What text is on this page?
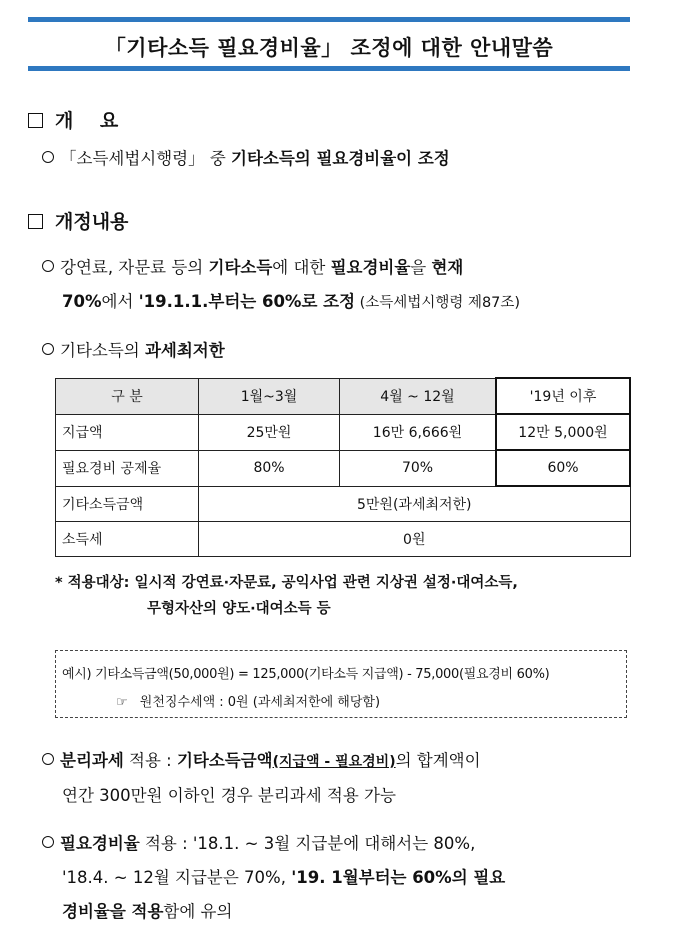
「기타소득 필요경비율」 조정에 대한 안내말씀
개    요
「소득세법시행령」 중 기타소득의 필요경비율이 조정
개정내용
강연료, 자문료 등의 기타소득에 대한 필요경비율을 현재
70%에서 '19.1.1.부터는 60%로 조정 (소득세법시행령 제87조)
기타소득의 과세최저한
구 분	1월~3월	4월 ~ 12월	'19년 이후
지급액	25만원	16만 6,666원	12만 5,000원
필요경비 공제율	80%	70%	60%
기타소득금액	5만원(과세최저한)		
소득세	0원		
* 적용대상: 일시적 강연료·자문료, 공익사업 관련 지상권 설정·대여소득,
무형자산의 양도·대여소득 등
예시) 기타소득금액(50,000원) = 125,000(기타소득 지급액) - 75,000(필요경비 60%)
☞ 원천징수세액 : 0원 (과세최저한에 해당함)
분리과세 적용 : 기타소득금액(지급액 - 필요경비)의 합계액이
연간 300만원 이하인 경우 분리과세 적용 가능
필요경비율 적용 : '18.1. ~ 3월 지급분에 대해서는 80%,
'18.4. ~ 12월 지급분은 70%, '19. 1월부터는 60%의 필요
경비율을 적용함에 유의
